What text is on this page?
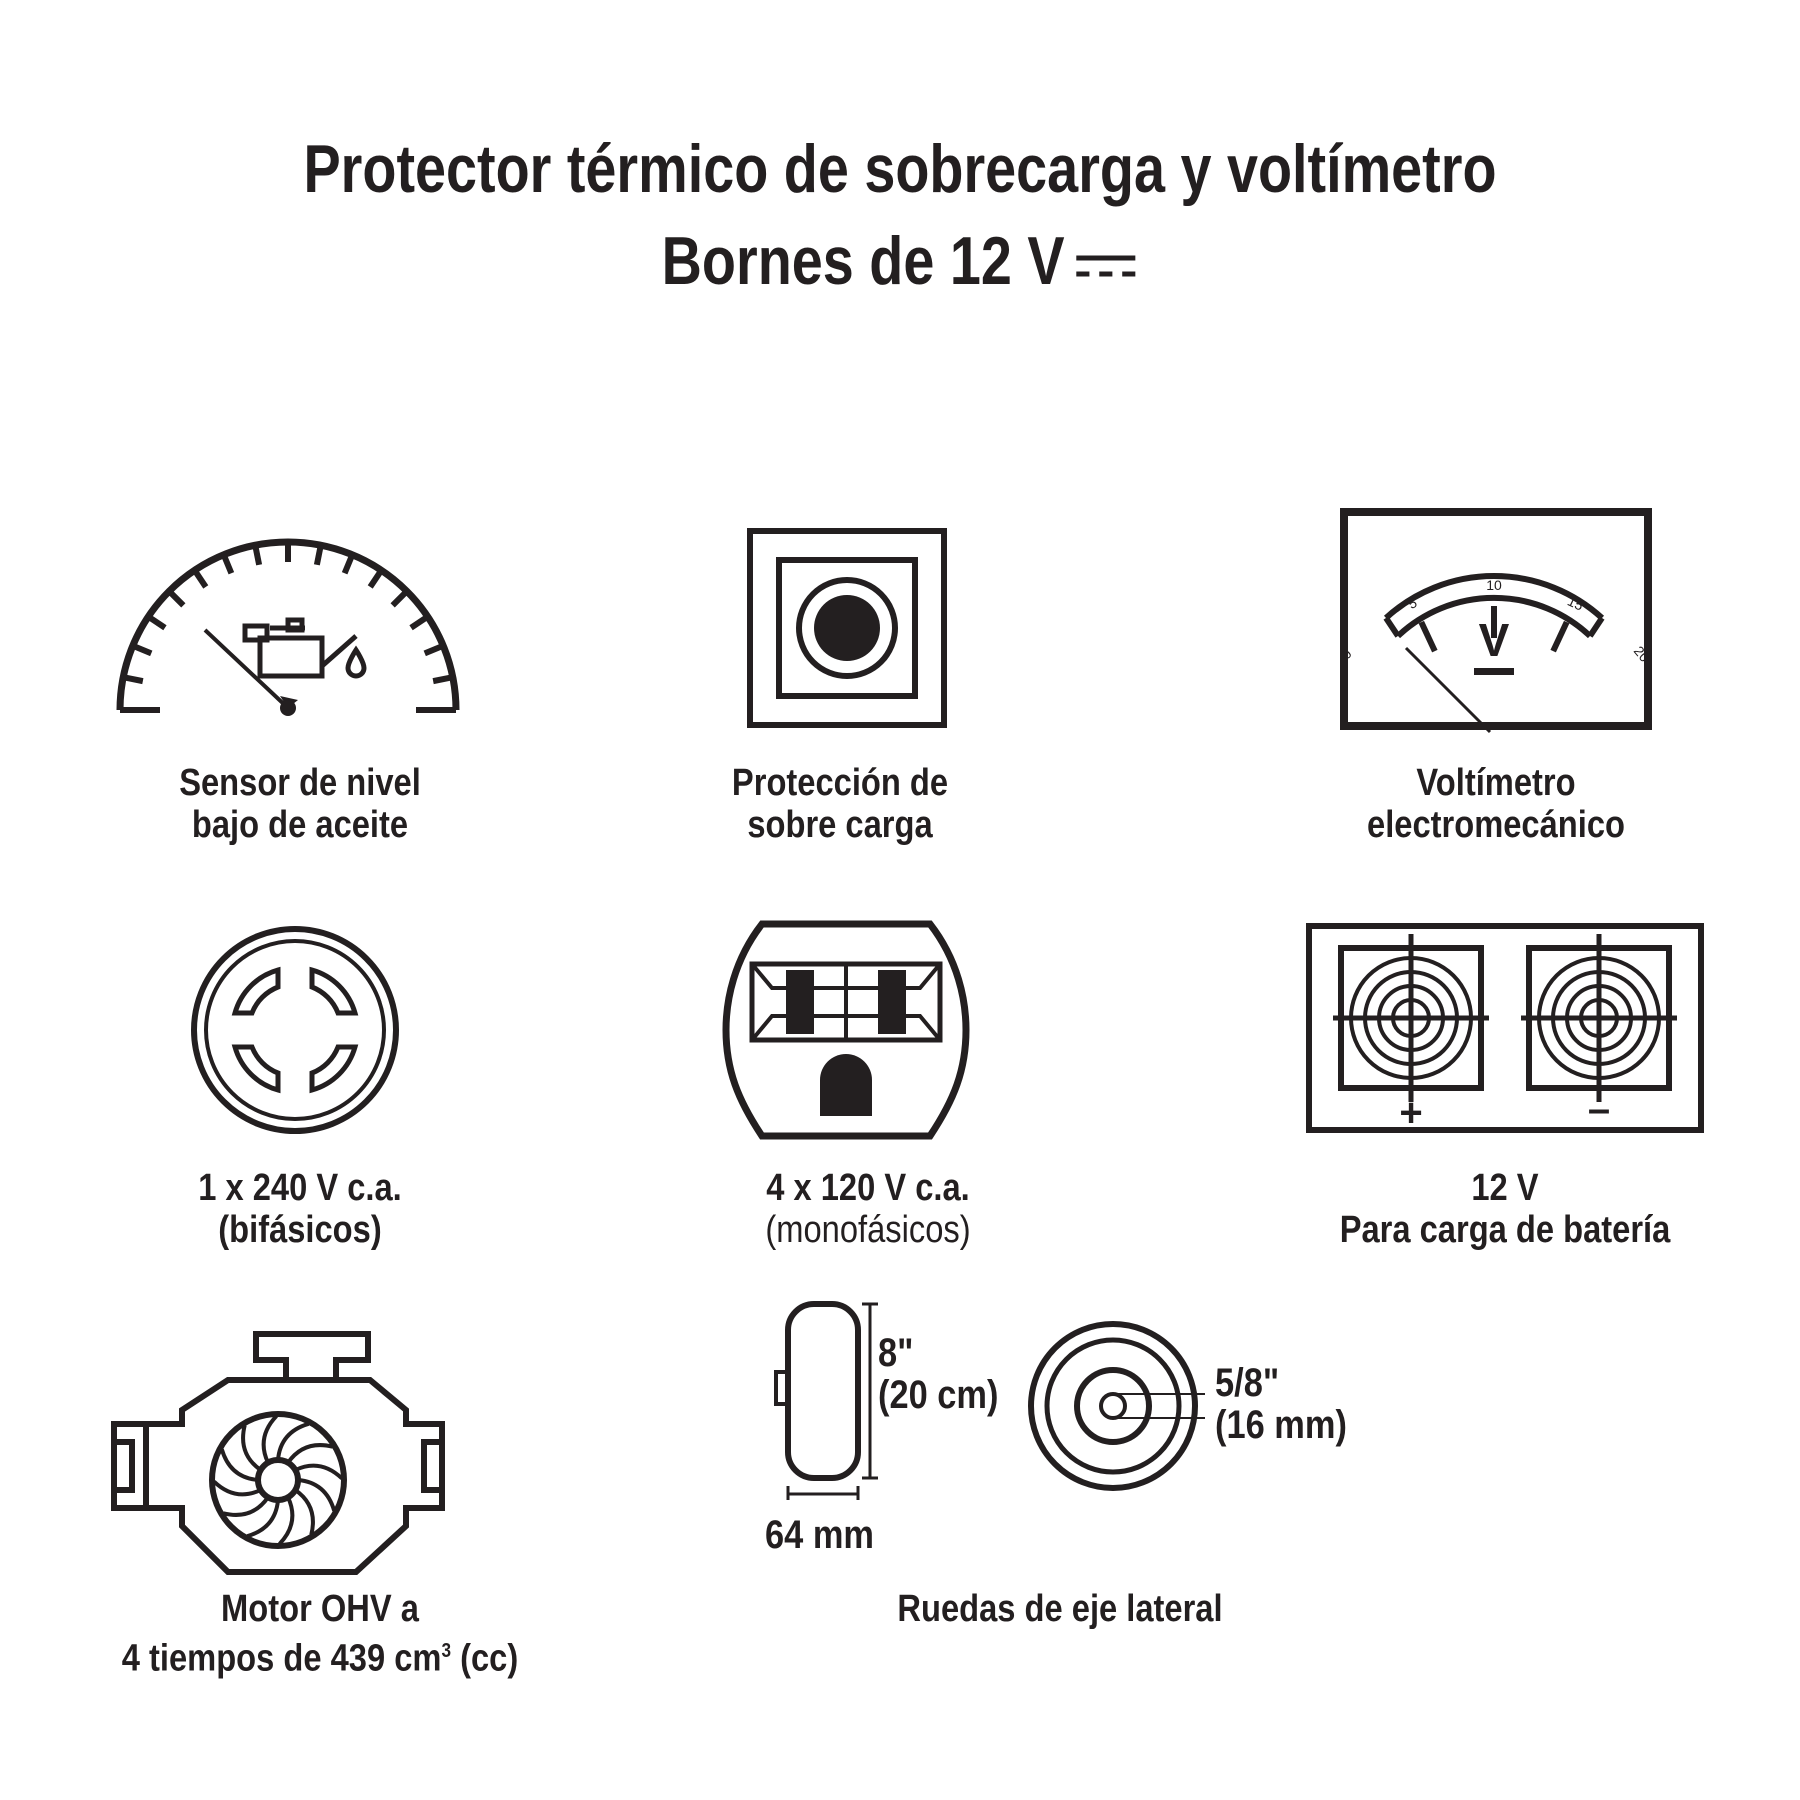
Protector térmico de sobrecarga y voltímetro
Bornes de 12 V
0
5
10
15
20
V
+	–
Sensor de nivel
bajo de aceite
Protección de
sobre carga
Voltímetro
electromecánico
1 x 240 V c.a.
(bifásicos)
4 x 120 V c.a.
(monofásicos)
12 V
Para carga de batería
Motor OHV a
4 tiempos de 439 $cm^3$ (cc)
Ruedas de eje lateral
8"
(20 cm)
64 mm
5/8"
(16 mm)
